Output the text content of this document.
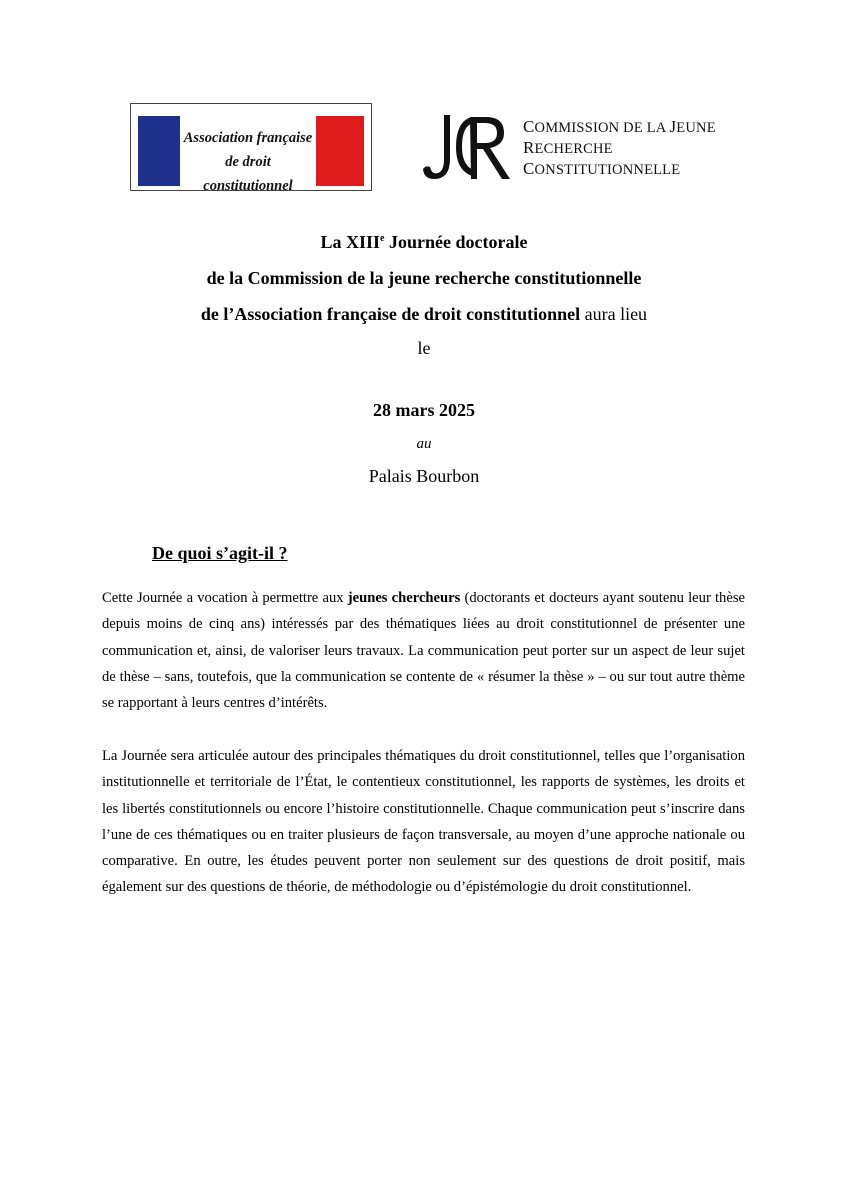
Association française
de droit constitutionnel
COMMISSION DE LA JEUNE
RECHERCHE
CONSTITUTIONNELLE
La XIIIe Journée doctorale
de la Commission de la jeune recherche constitutionnelle
de l’Association française de droit constitutionnel aura lieu
le
28 mars 2025
au
Palais Bourbon
De quoi s’agit-il ?
Cette Journée a vocation à permettre aux jeunes chercheurs (doctorants et docteurs ayant soutenu leur thèse depuis moins de cinq ans) intéressés par des thématiques liées au droit constitutionnel de présenter une communication et, ainsi, de valoriser leurs travaux. La communication peut porter sur un aspect de leur sujet de thèse – sans, toutefois, que la communication se contente de « résumer la thèse » – ou sur tout autre thème se rapportant à leurs centres d’intérêts.
La Journée sera articulée autour des principales thématiques du droit constitutionnel, telles que l’organisation institutionnelle et territoriale de l’État, le contentieux constitutionnel, les rapports de systèmes, les droits et les libertés constitutionnels ou encore l’histoire constitutionnelle. Chaque communication peut s’inscrire dans l’une de ces thématiques ou en traiter plusieurs de façon transversale, au moyen d’une approche nationale ou comparative. En outre, les études peuvent porter non seulement sur des questions de droit positif, mais également sur des questions de théorie, de méthodologie ou d’épistémologie du droit constitutionnel.
